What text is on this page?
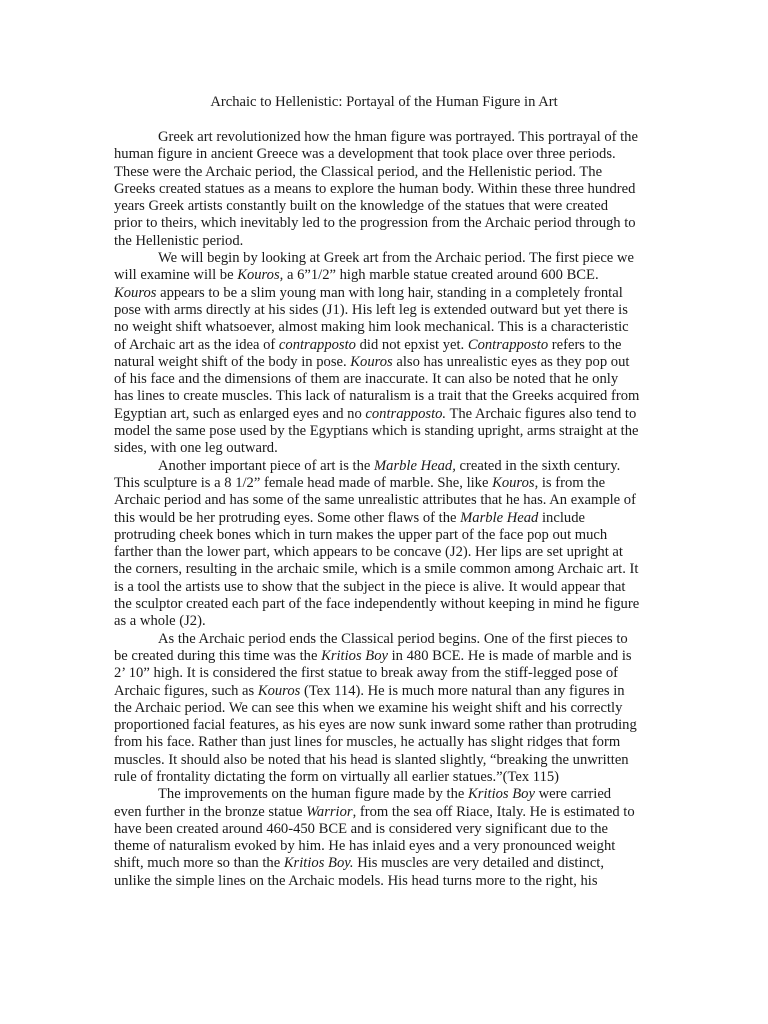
Archaic to Hellenistic: Portayal of the Human Figure in Art
Greek art revolutionized how the hman figure was portrayed. This portrayal of the
human figure in ancient Greece was a development that took place over three periods.
These were the Archaic period, the Classical period, and the Hellenistic period. The
Greeks created statues as a means to explore the human body. Within these three hundred
years Greek artists constantly built on the knowledge of the statues that were created
prior to theirs, which inevitably led to the progression from the Archaic period through to
the Hellenistic period.
We will begin by looking at Greek art from the Archaic period. The first piece we
will examine will be Kouros, a 6”1/2” high marble statue created around 600 BCE.
Kouros appears to be a slim young man with long hair, standing in a completely frontal
pose with arms directly at his sides (J1). His left leg is extended outward but yet there is
no weight shift whatsoever, almost making him look mechanical. This is a characteristic
of Archaic art as the idea of contrapposto did not epxist yet. Contrapposto refers to the
natural weight shift of the body in pose. Kouros also has unrealistic eyes as they pop out
of his face and the dimensions of them are inaccurate. It can also be noted that he only
has lines to create muscles. This lack of naturalism is a trait that the Greeks acquired from
Egyptian art, such as enlarged eyes and no contrapposto. The Archaic figures also tend to
model the same pose used by the Egyptians which is standing upright, arms straight at the
sides, with one leg outward.
Another important piece of art is the Marble Head, created in the sixth century.
This sculpture is a 8 1/2” female head made of marble. She, like Kouros, is from the
Archaic period and has some of the same unrealistic attributes that he has. An example of
this would be her protruding eyes. Some other flaws of the Marble Head include
protruding cheek bones which in turn makes the upper part of the face pop out much
farther than the lower part, which appears to be concave (J2). Her lips are set upright at
the corners, resulting in the archaic smile, which is a smile common among Archaic art. It
is a tool the artists use to show that the subject in the piece is alive. It would appear that
the sculptor created each part of the face independently without keeping in mind he figure
as a whole (J2).
As the Archaic period ends the Classical period begins. One of the first pieces to
be created during this time was the Kritios Boy in 480 BCE. He is made of marble and is
2’ 10” high. It is considered the first statue to break away from the stiff-legged pose of
Archaic figures, such as Kouros (Tex 114). He is much more natural than any figures in
the Archaic period. We can see this when we examine his weight shift and his correctly
proportioned facial features, as his eyes are now sunk inward some rather than protruding
from his face. Rather than just lines for muscles, he actually has slight ridges that form
muscles. It should also be noted that his head is slanted slightly, “breaking the unwritten
rule of frontality dictating the form on virtually all earlier statues.”(Tex 115)
The improvements on the human figure made by the Kritios Boy were carried
even further in the bronze statue Warrior, from the sea off Riace, Italy. He is estimated to
have been created around 460-450 BCE and is considered very significant due to the
theme of naturalism evoked by him. He has inlaid eyes and a very pronounced weight
shift, much more so than the Kritios Boy. His muscles are very detailed and distinct,
unlike the simple lines on the Archaic models. His head turns more to the right, his
